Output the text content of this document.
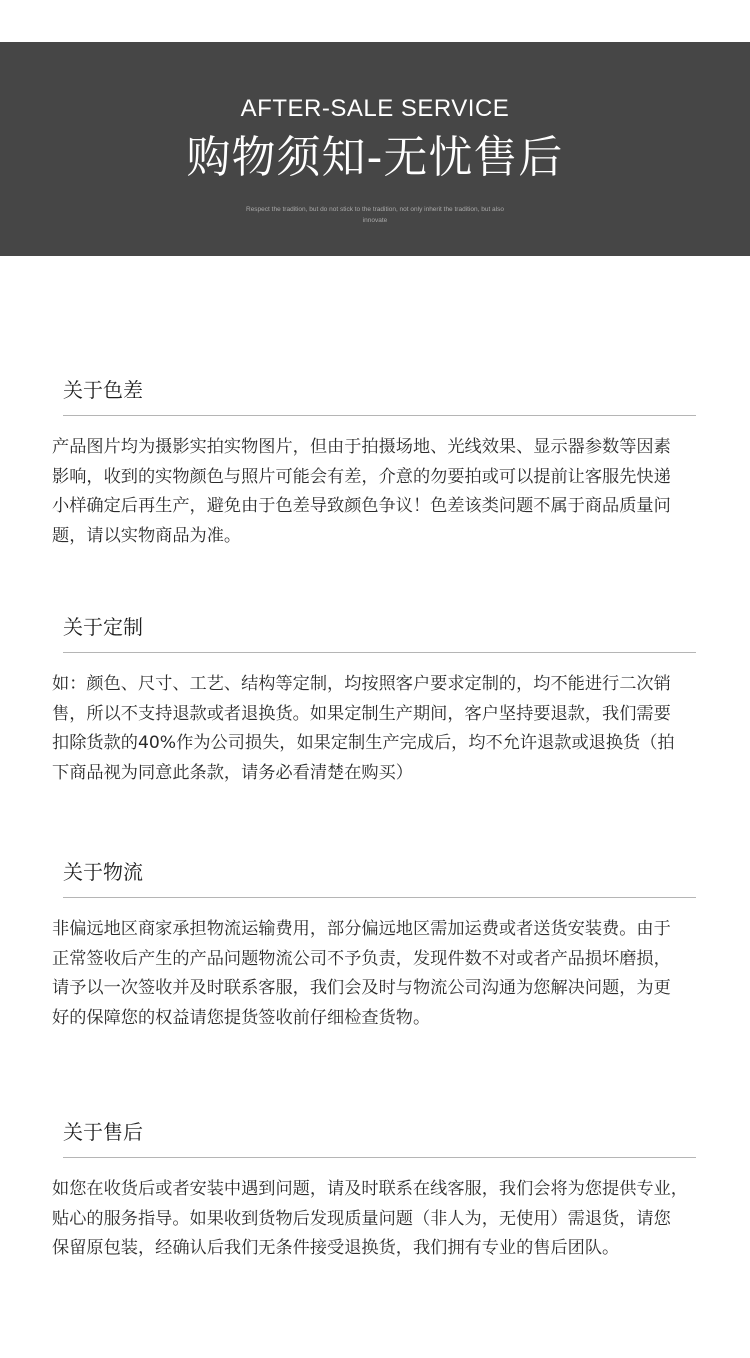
AFTER-SALE SERVICE
购物须知-无忧售后
Respect the tradition, but do not stick to the tradition, not only inherit the tradition, but also innovate
关于色差
产品图片均为摄影实拍实物图片，但由于拍摄场地、光线效果、显示器参数等因素
影响，收到的实物颜色与照片可能会有差，介意的勿要拍或可以提前让客服先快递
小样确定后再生产，避免由于色差导致颜色争议！色差该类问题不属于商品质量问
题，请以实物商品为准。
关于定制
如：颜色、尺寸、工艺、结构等定制，均按照客户要求定制的，均不能进行二次销
售，所以不支持退款或者退换货。如果定制生产期间，客户坚持要退款，我们需要
扣除货款的40%作为公司损失，如果定制生产完成后，均不允许退款或退换货（拍
下商品视为同意此条款，请务必看清楚在购买）
关于物流
非偏远地区商家承担物流运输费用，部分偏远地区需加运费或者送货安装费。由于
正常签收后产生的产品问题物流公司不予负责，发现件数不对或者产品损坏磨损，
请予以一次签收并及时联系客服，我们会及时与物流公司沟通为您解决问题，为更
好的保障您的权益请您提货签收前仔细检查货物。
关于售后
如您在收货后或者安装中遇到问题，请及时联系在线客服，我们会将为您提供专业，
贴心的服务指导。如果收到货物后发现质量问题（非人为，无使用）需退货，请您
保留原包装，经确认后我们无条件接受退换货，我们拥有专业的售后团队。
